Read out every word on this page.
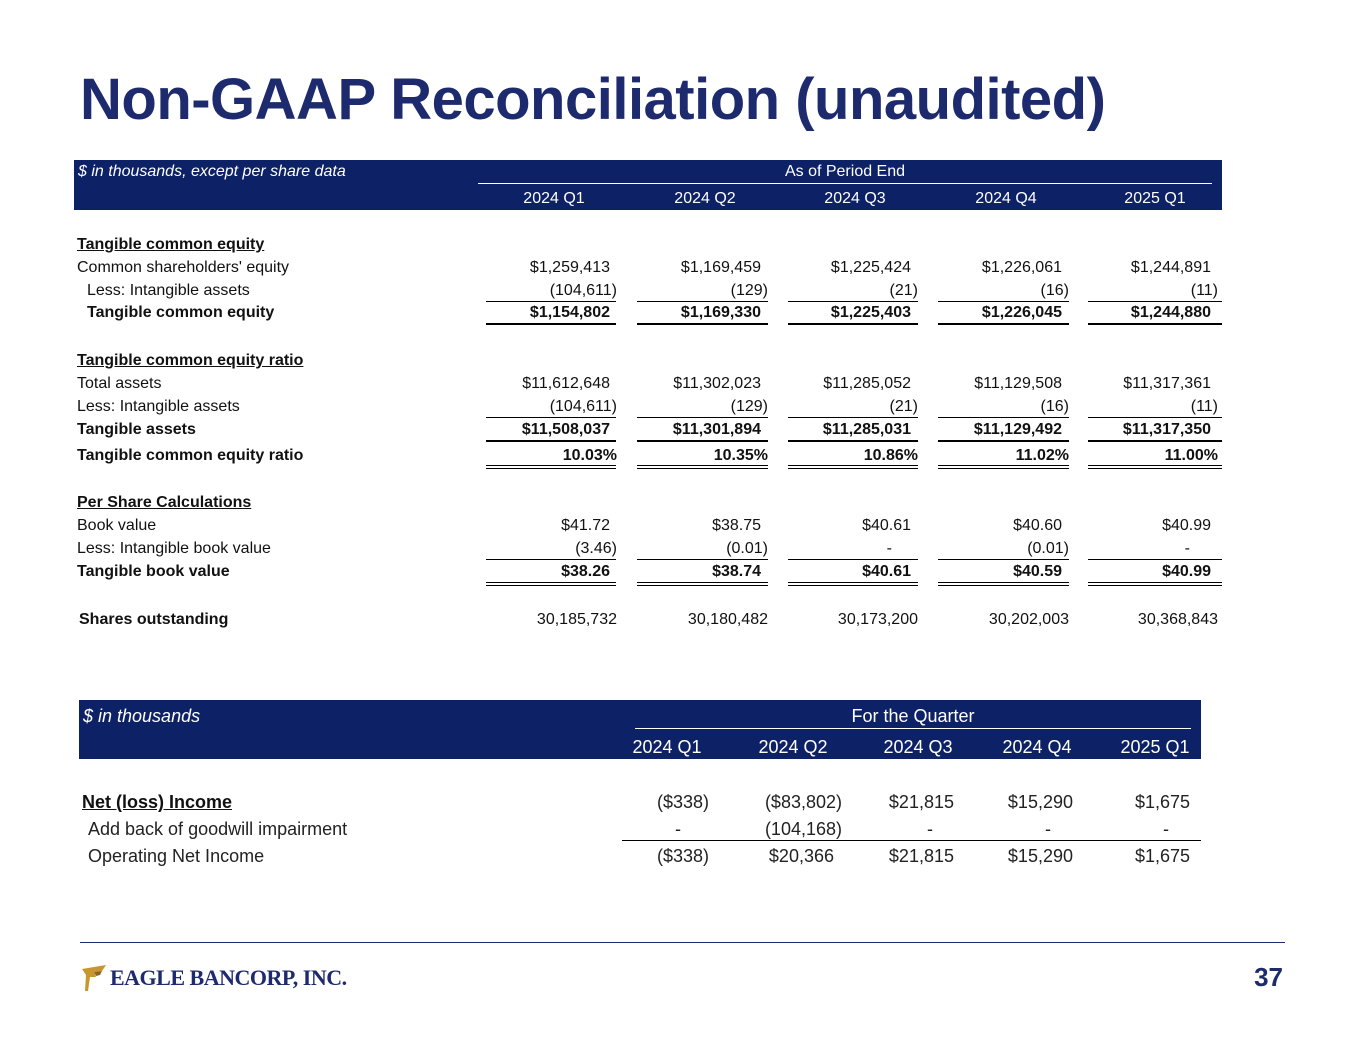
Non-GAAP Reconciliation (unaudited)
$ in thousands, except per share data	As of Period End
2024 Q1	2024 Q2	2024 Q3	2024 Q4	2025 Q1
Tangible common equity
Common shareholders' equity	$1,259,413	$1,169,459	$1,225,424	$1,226,061	$1,244,891
Less: Intangible assets	(104,611)	(129)	(21)	(16)	(11)
Tangible common equity	$1,154,802	$1,169,330	$1,225,403	$1,226,045	$1,244,880
Tangible common equity ratio
Total assets	$11,612,648	$11,302,023	$11,285,052	$11,129,508	$11,317,361
Less: Intangible assets	(104,611)	(129)	(21)	(16)	(11)
Tangible assets	$11,508,037	$11,301,894	$11,285,031	$11,129,492	$11,317,350
Tangible common equity ratio	10.03%	10.35%	10.86%	11.02%	11.00%
Per Share Calculations
Book value	$41.72	$38.75	$40.61	$40.60	$40.99
Less: Intangible book value	(3.46)	(0.01)	-	(0.01)	-
Tangible book value	$38.26	$38.74	$40.61	$40.59	$40.99
Shares outstanding	30,185,732	30,180,482	30,173,200	30,202,003	30,368,843
$ in thousands	For the Quarter
2024 Q1	2024 Q2	2024 Q3	2024 Q4	2025 Q1
Net (loss) Income	($338)	($83,802)	$21,815	$15,290	$1,675
Add back of goodwill impairment	-	(104,168)	-	-	-
Operating Net Income	($338)	$20,366	$21,815	$15,290	$1,675
EAGLE BANCORP, INC.	37
